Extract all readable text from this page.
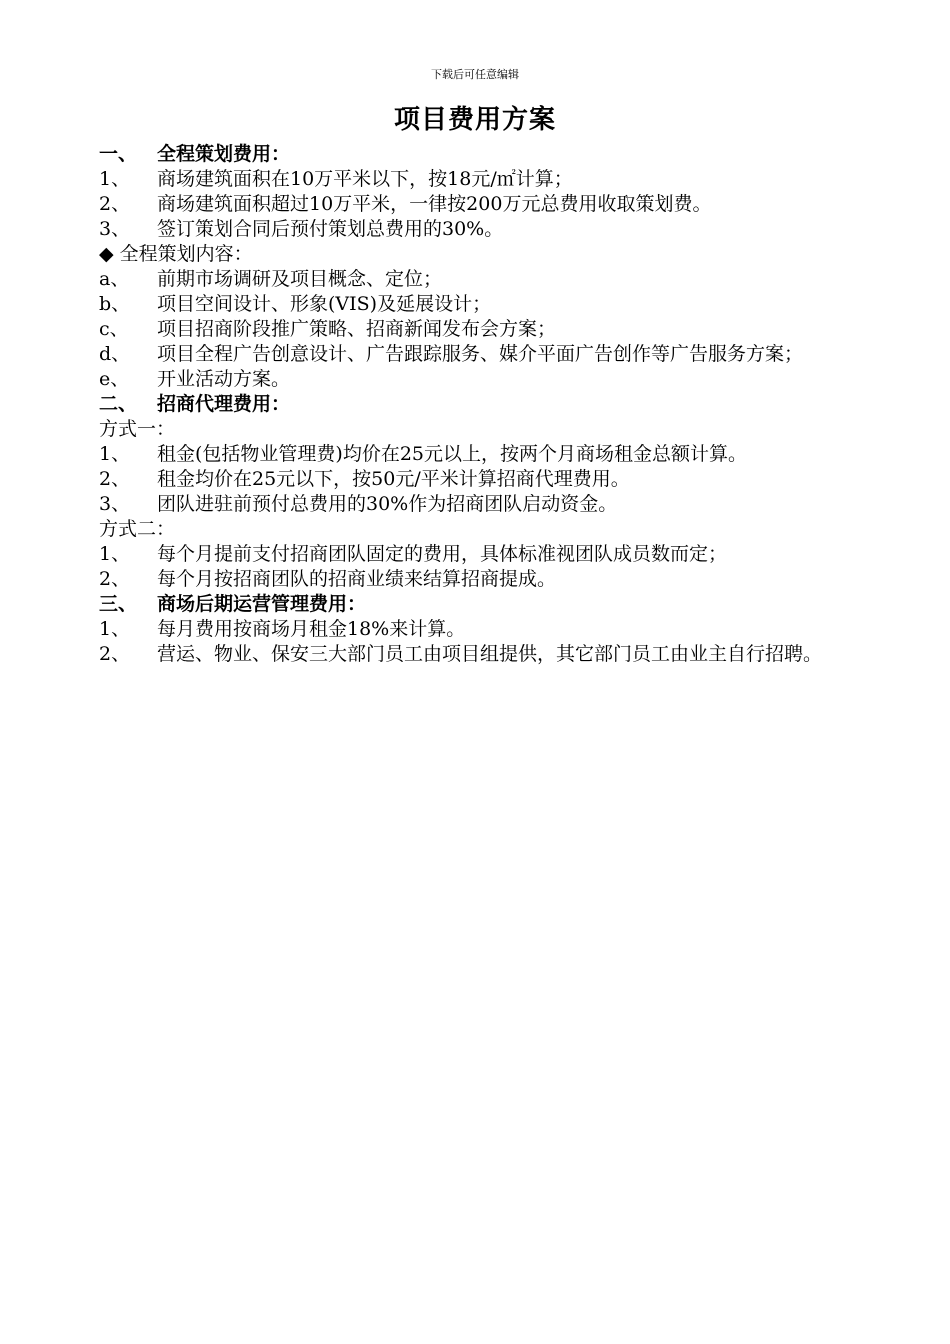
下载后可任意编辑
项目费用方案
一、	全程策划费用：
1、	商场建筑面积在10万平米以下，按18元/㎡计算；
2、	商场建筑面积超过10万平米，一律按200万元总费用收取策划费。
3、	签订策划合同后预付策划总费用的30%。
◆ 全程策划内容：
a、	前期市场调研及项目概念、定位；
b、	项目空间设计、形象(VIS)及延展设计；
c、	项目招商阶段推广策略、招商新闻发布会方案；
d、	项目全程广告创意设计、广告跟踪服务、媒介平面广告创作等广告服务方案；
e、	开业活动方案。
二、	招商代理费用：
方式一：
1、	租金(包括物业管理费)均价在25元以上，按两个月商场租金总额计算。
2、	租金均价在25元以下，按50元/平米计算招商代理费用。
3、	团队进驻前预付总费用的30%作为招商团队启动资金。
方式二：
1、	每个月提前支付招商团队固定的费用，具体标准视团队成员数而定；
2、	每个月按招商团队的招商业绩来结算招商提成。
三、	商场后期运营管理费用：
1、	每月费用按商场月租金18%来计算。
2、	营运、物业、保安三大部门员工由项目组提供，其它部门员工由业主自行招聘。
